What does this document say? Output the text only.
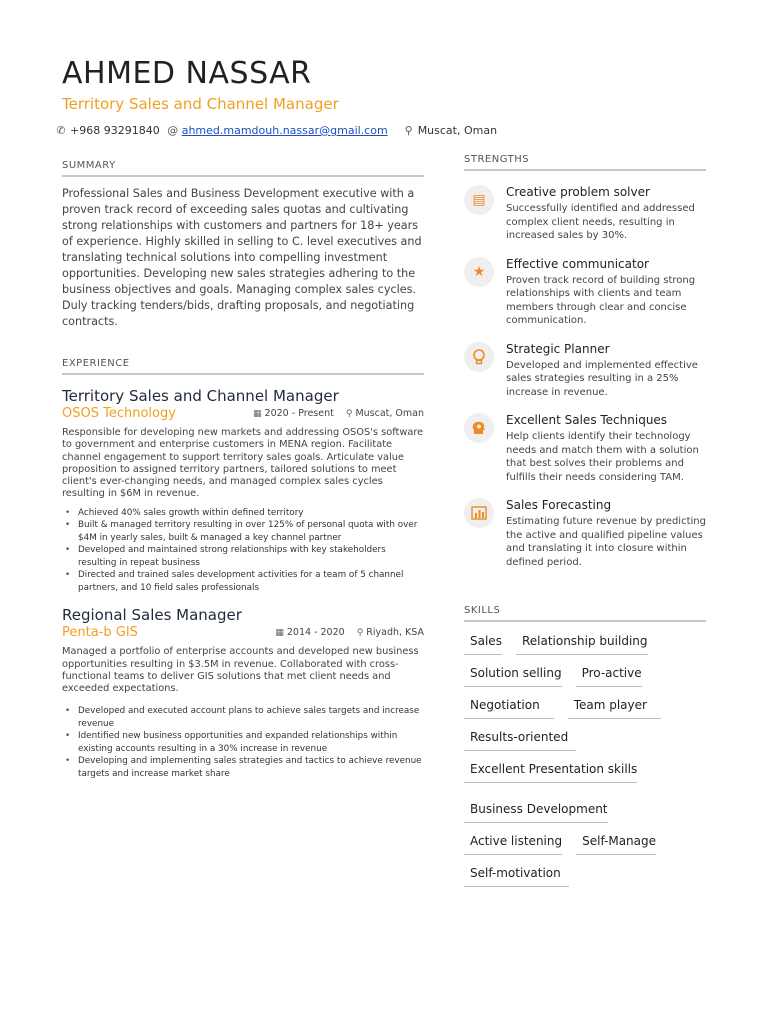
AHMED NASSAR
Territory Sales and Channel Manager
✆ +968 93291840 @ ahmed.mamdouh.nassar@gmail.com ⚲ Muscat, Oman
SUMMARY
Professional Sales and Business Development executive with a proven track record of exceeding sales quotas and cultivating strong relationships with customers and partners for 18+ years of experience. Highly skilled in selling to C. level executives and translating technical solutions into compelling investment opportunities. Developing new sales strategies adhering to the business objectives and goals. Managing complex sales cycles. Duly tracking tenders/bids, drafting proposals, and negotiating contracts.
EXPERIENCE
Territory Sales and Channel Manager
OSOS Technology	▦ 2020 - Present ⚲ Muscat, Oman
Responsible for developing new markets and addressing OSOS's software to government and enterprise customers in MENA region. Facilitate channel engagement to support territory sales goals. Articulate value proposition to assigned territory partners, tailored solutions to meet client's ever-changing needs, and managed complex sales cycles resulting in $6M in revenue.
• Achieved 40% sales growth within defined territory
• Built & managed territory resulting in over 125% of personal quota with over $4M in yearly sales, built & managed a key channel partner
• Developed and maintained strong relationships with key stakeholders resulting in repeat business
• Directed and trained sales development activities for a team of 5 channel partners, and 10 field sales professionals
Regional Sales Manager
Penta-b GIS	▦ 2014 - 2020 ⚲ Riyadh, KSA
Managed a portfolio of enterprise accounts and developed new business opportunities resulting in $3.5M in revenue. Collaborated with cross-functional teams to deliver GIS solutions that met client needs and exceeded expectations.
• Developed and executed account plans to achieve sales targets and increase revenue
• Identified new business opportunities and expanded relationships within existing accounts resulting in a 30% increase in revenue
• Developing and implementing sales strategies and tactics to achieve revenue targets and increase market share
STRENGTHS
▤	Creative problem solver
Successfully identified and addressed complex client needs, resulting in increased sales by 30%.
★	Effective communicator
Proven track record of building strong relationships with clients and team members through clear and concise communication.
Strategic Planner
Developed and implemented effective sales strategies resulting in a 25% increase in revenue.
Excellent Sales Techniques
Help clients identify their technology needs and match them with a solution that best solves their problems and fulfills their needs considering TAM.
Sales Forecasting
Estimating future revenue by predicting the active and qualified pipeline values and translating it into closure within defined period.
SKILLS
Sales	Relationship building
Solution selling	Pro-active
Negotiation	Team player
Results-oriented
Excellent Presentation skills
Business Development
Active listening	Self-Manage
Self-motivation
